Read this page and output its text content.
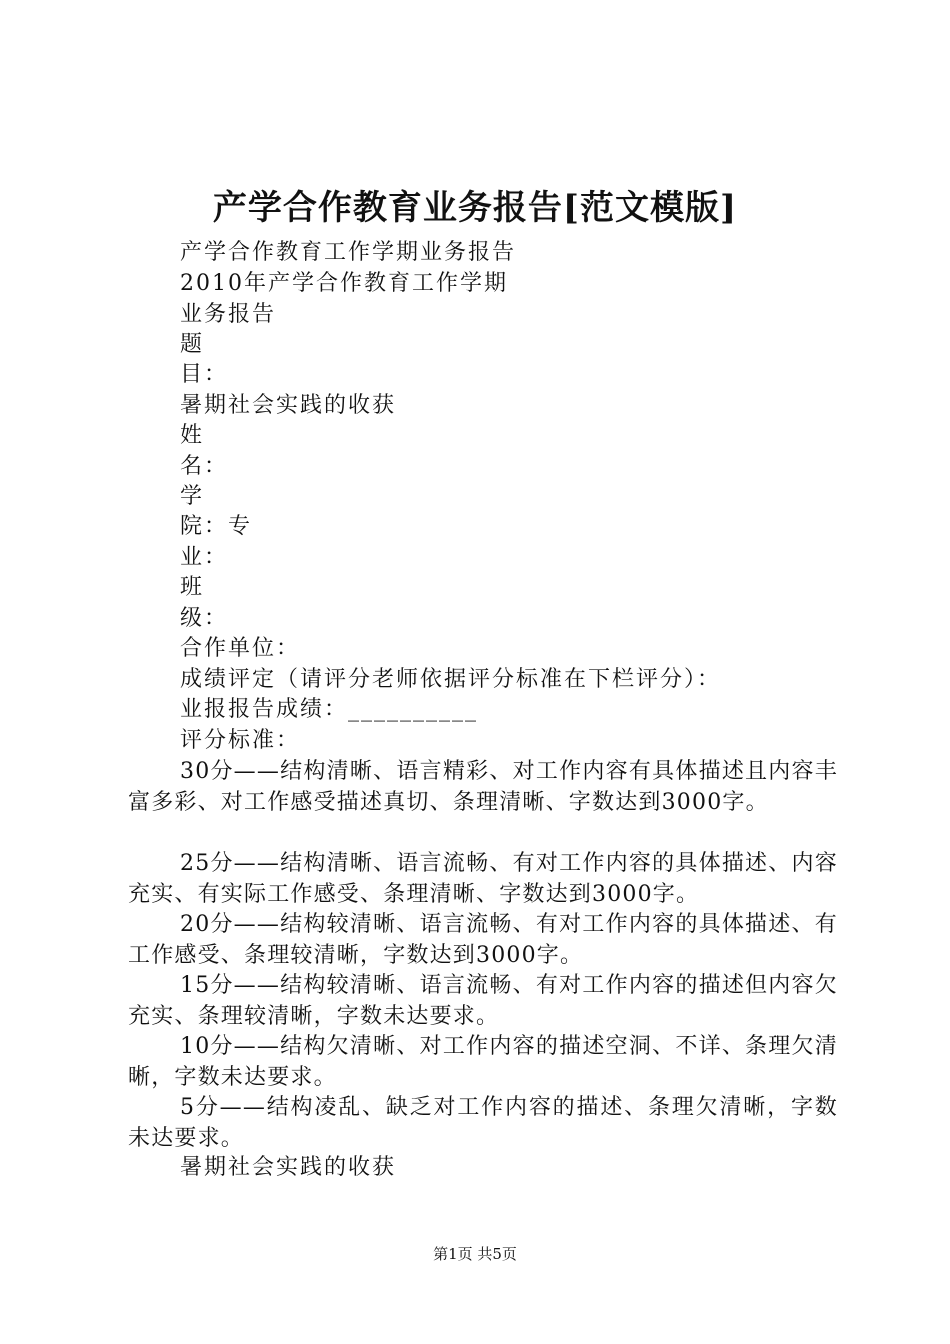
产学合作教育业务报告[范文模版]
产学合作教育工作学期业务报告
2010年产学合作教育工作学期
业务报告
题
目：
暑期社会实践的收获
姓
名：
学
院：专
业：
班
级：
合作单位：
成绩评定（请评分老师依据评分标准在下栏评分）：
业报报告成绩：__________
评分标准：
30分——结构清晰、语言精彩、对工作内容有具体描述且内容丰富多彩、对工作感受描述真切、条理清晰、字数达到3000字。
25分——结构清晰、语言流畅、有对工作内容的具体描述、内容充实、有实际工作感受、条理清晰、字数达到3000字。
20分——结构较清晰、语言流畅、有对工作内容的具体描述、有工作感受、条理较清晰，字数达到3000字。
15分——结构较清晰、语言流畅、有对工作内容的描述但内容欠充实、条理较清晰，字数未达要求。
10分——结构欠清晰、对工作内容的描述空洞、不详、条理欠清晰，字数未达要求。
5分——结构凌乱、缺乏对工作内容的描述、条理欠清晰，字数未达要求。
暑期社会实践的收获
第1页 共5页
